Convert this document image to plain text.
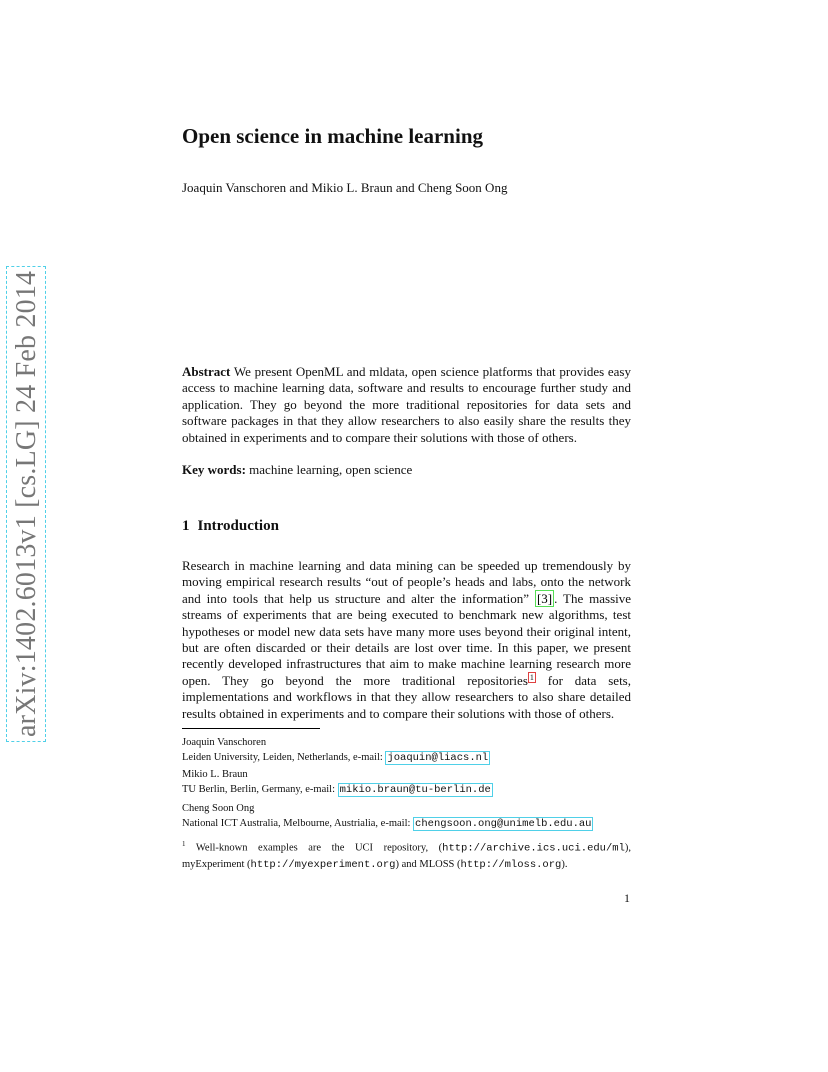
arXiv:1402.6013v1 [cs.LG] 24 Feb 2014
Open science in machine learning
Joaquin Vanschoren and Mikio L. Braun and Cheng Soon Ong
Abstract We present OpenML and mldata, open science platforms that provides easy access to machine learning data, software and results to encourage further study and application. They go beyond the more traditional repositories for data sets and software packages in that they allow researchers to also easily share the results they obtained in experiments and to compare their solutions with those of others.
Key words: machine learning, open science
1 Introduction
Research in machine learning and data mining can be speeded up tremendously by moving empirical research results “out of people’s heads and labs, onto the network and into tools that help us structure and alter the information” [3] . The massive streams of experiments that are being executed to benchmark new algorithms, test hypotheses or model new data sets have many more uses beyond their original intent, but are often discarded or their details are lost over time. In this paper, we present recently developed infrastructures that aim to make machine learning research more open. They go beyond the more traditional repositories $^1$ for data sets, implementations and workflows in that they allow researchers to also share detailed results obtained in experiments and to compare their solutions with those of others.
Joaquin Vanschoren
Leiden University, Leiden, Netherlands, e-mail: joaquin@liacs.nl
Mikio L. Braun
TU Berlin, Berlin, Germany, e-mail: mikio.braun@tu-berlin.de
Cheng Soon Ong
National ICT Australia, Melbourne, Austrialia, e-mail: chengsoon.ong@unimelb.edu.au
$^1$ Well-known examples are the UCI repository, (http://archive.ics.uci.edu/ml), myExperiment (http://myexperiment.org) and MLOSS (http://mloss.org).
1
